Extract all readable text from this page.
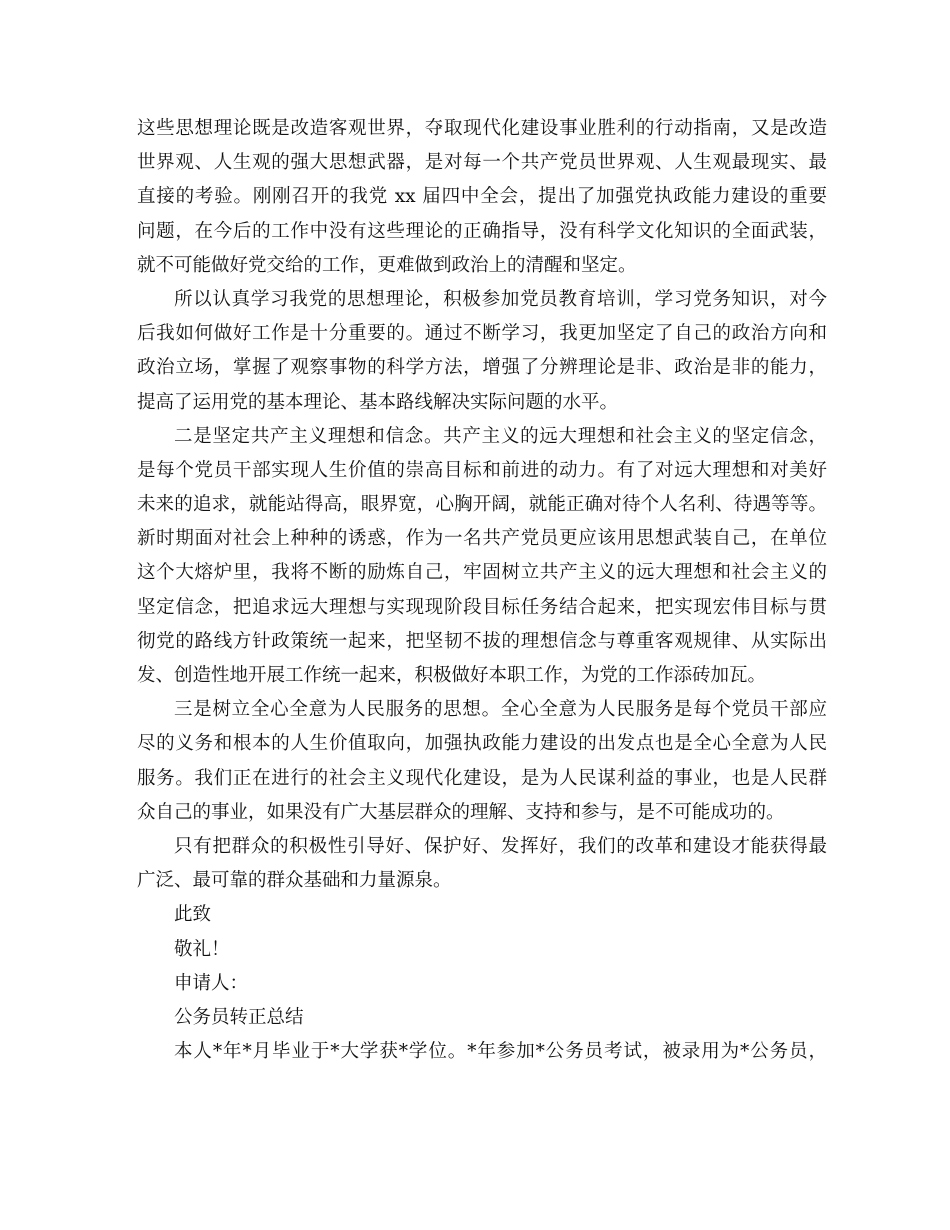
这些思想理论既是改造客观世界，夺取现代化建设事业胜利的行动指南，又是改造
世界观、人生观的强大思想武器，是对每一个共产党员世界观、人生观最现实、最
直接的考验。刚刚召开的我党 xx 届四中全会，提出了加强党执政能力建设的重要
问题，在今后的工作中没有这些理论的正确指导，没有科学文化知识的全面武装，
就不可能做好党交给的工作，更难做到政治上的清醒和坚定。
所以认真学习我党的思想理论，积极参加党员教育培训，学习党务知识，对今
后我如何做好工作是十分重要的。通过不断学习，我更加坚定了自己的政治方向和
政治立场，掌握了观察事物的科学方法，增强了分辨理论是非、政治是非的能力，
提高了运用党的基本理论、基本路线解决实际问题的水平。
二是坚定共产主义理想和信念。共产主义的远大理想和社会主义的坚定信念，
是每个党员干部实现人生价值的崇高目标和前进的动力。有了对远大理想和对美好
未来的追求，就能站得高，眼界宽，心胸开阔，就能正确对待个人名利、待遇等等。
新时期面对社会上种种的诱惑，作为一名共产党员更应该用思想武装自己，在单位
这个大熔炉里，我将不断的励炼自己，牢固树立共产主义的远大理想和社会主义的
坚定信念，把追求远大理想与实现现阶段目标任务结合起来，把实现宏伟目标与贯
彻党的路线方针政策统一起来，把坚韧不拔的理想信念与尊重客观规律、从实际出
发、创造性地开展工作统一起来，积极做好本职工作，为党的工作添砖加瓦。
三是树立全心全意为人民服务的思想。全心全意为人民服务是每个党员干部应
尽的义务和根本的人生价值取向，加强执政能力建设的出发点也是全心全意为人民
服务。我们正在进行的社会主义现代化建设，是为人民谋利益的事业，也是人民群
众自己的事业，如果没有广大基层群众的理解、支持和参与，是不可能成功的。
只有把群众的积极性引导好、保护好、发挥好，我们的改革和建设才能获得最
广泛、最可靠的群众基础和力量源泉。
此致
敬礼！
申请人：
公务员转正总结
本人*年*月毕业于*大学获*学位。*年参加*公务员考试，被录用为*公务员，
